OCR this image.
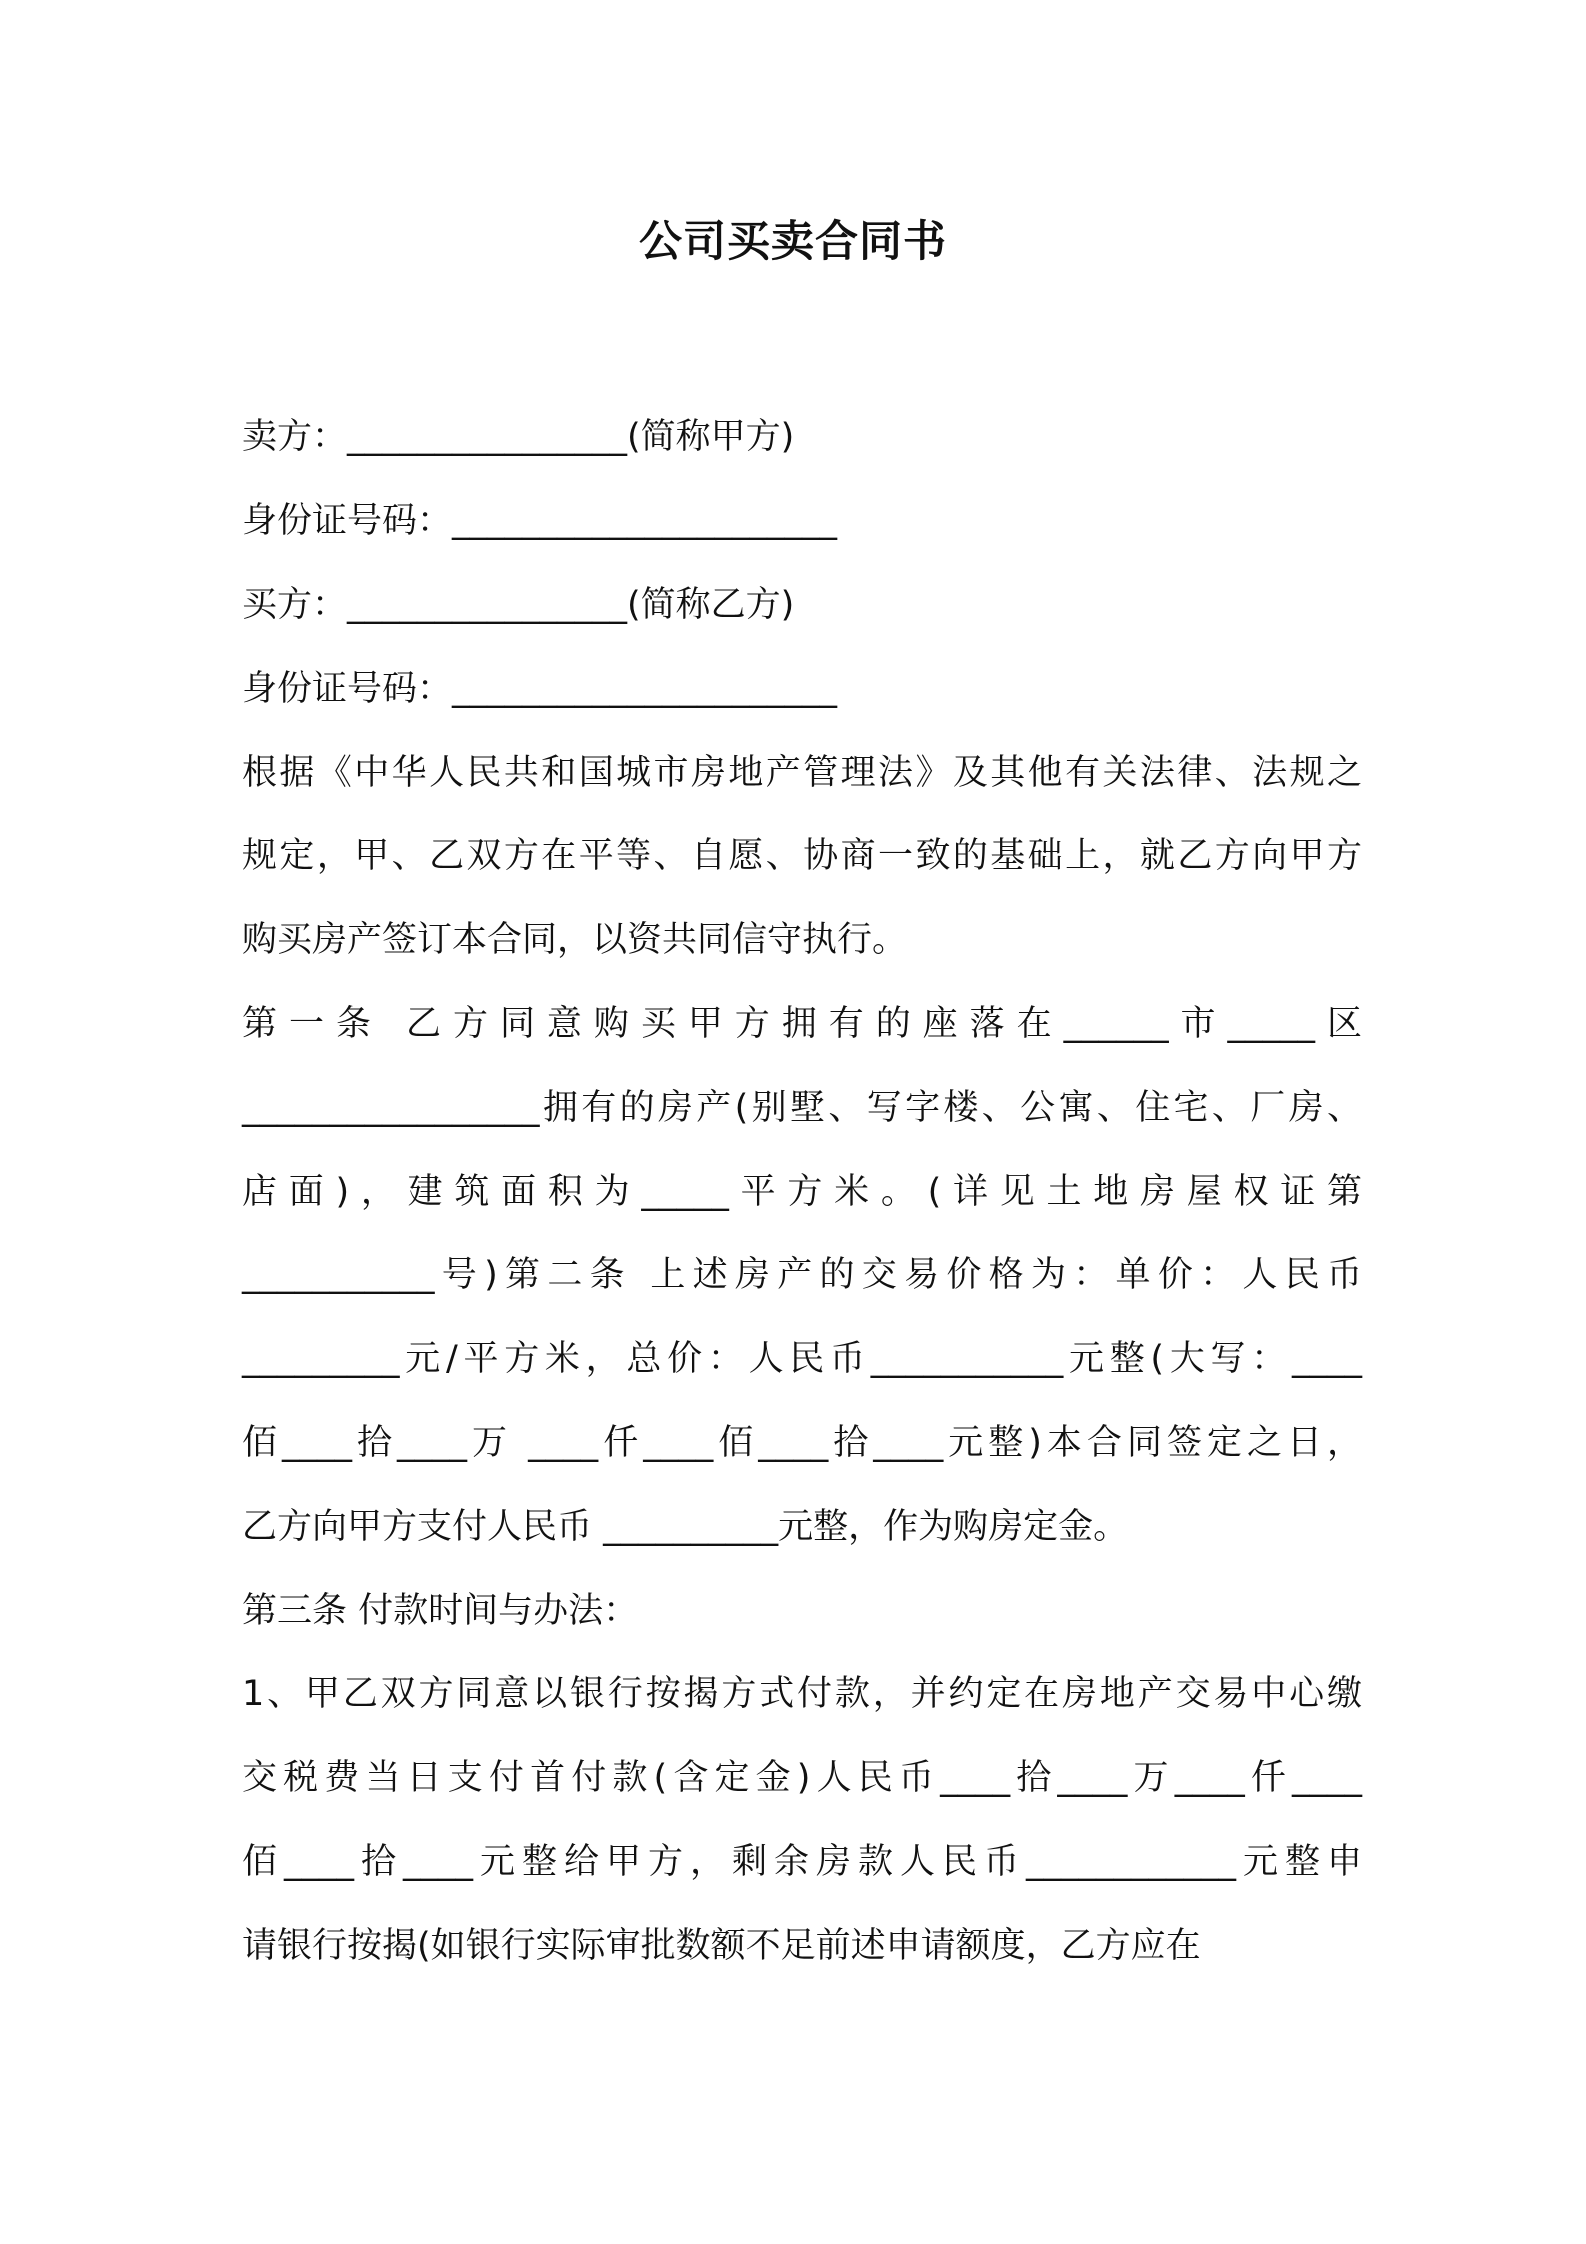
公司买卖合同书
卖方：________________(简称甲方)
身份证号码：______________________
买方：________________(简称乙方)
身份证号码：______________________
根据《中华人民共和国城市房地产管理法》及其他有关法律、法规之
规定，甲、乙双方在平等、自愿、协商一致的基础上，就乙方向甲方
购买房产签订本合同，以资共同信守执行。
第一条 乙方同意购买甲方拥有的座落在______市_____区
_________________拥有的房产(别墅、写字楼、公寓、住宅、厂房、
店面)，建筑面积为_____平方米。(详见土地房屋权证第
___________号)第二条 上述房产的交易价格为：单价：人民币
_________元/平方米，总价：人民币___________元整(大写：____
佰____拾____万 ____仟____佰____拾____元整)本合同签定之日，
乙方向甲方支付人民币 __________元整，作为购房定金。
第三条 付款时间与办法：
1、甲乙双方同意以银行按揭方式付款，并约定在房地产交易中心缴
交税费当日支付首付款(含定金)人民币____拾____万____仟____
佰____拾____元整给甲方，剩余房款人民币____________元整申
请银行按揭(如银行实际审批数额不足前述申请额度，乙方应在
